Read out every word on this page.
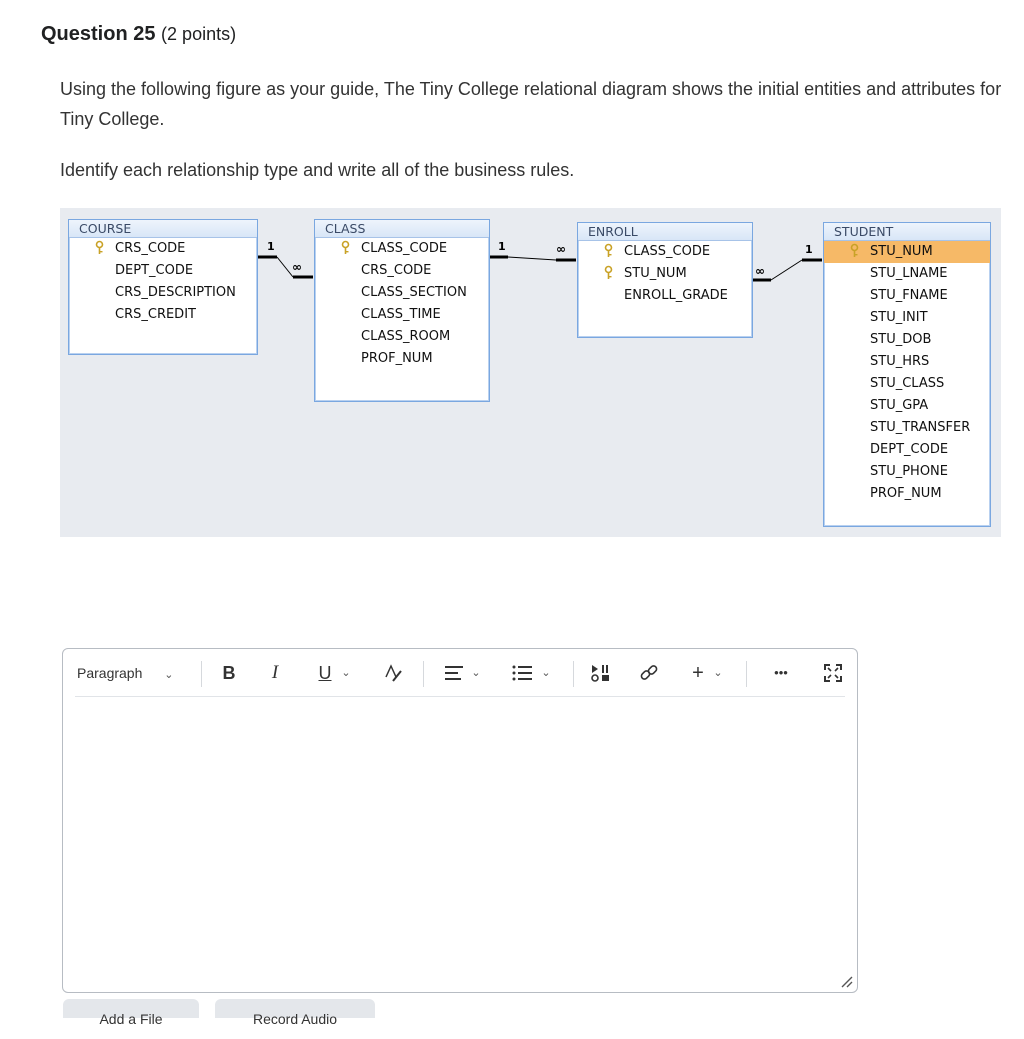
Question 25 (2 points)
Using the following figure as your guide, The Tiny College relational diagram shows the initial entities and attributes for Tiny College.
Identify each relationship type and write all of the business rules.
1
∞
1	∞
∞
1
COURSE
CRS_CODE
DEPT_CODE
CRS_DESCRIPTION
CRS_CREDIT
CLASS
CLASS_CODE
CRS_CODE
CLASS_SECTION
CLASS_TIME
CLASS_ROOM
PROF_NUM
ENROLL
CLASS_CODE
STU_NUM
ENROLL_GRADE
STUDENT
STU_NUM
STU_LNAME
STU_FNAME
STU_INIT
STU_DOB
STU_HRS
STU_CLASS
STU_GPA
STU_TRANSFER
DEPT_CODE
STU_PHONE
PROF_NUM
Paragraph ⌄	B	I	U ⌄	⌄	⌄	+ ⌄	•••
Add a File	Record Audio
